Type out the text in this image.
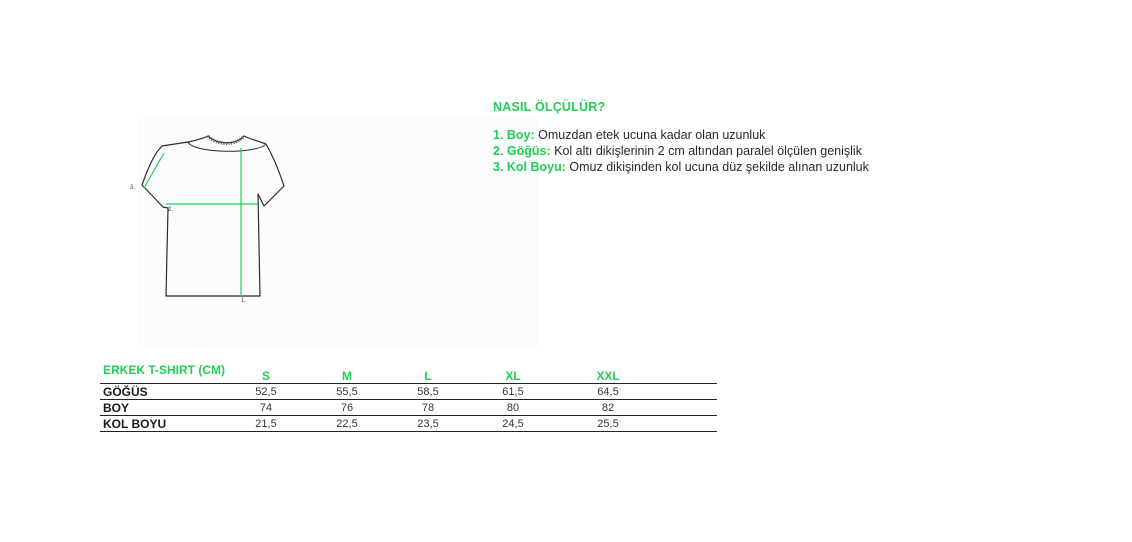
3.
2.
1.
NASIL ÖLÇÜLÜR?
1. Boy: Omuzdan etek ucuna kadar olan uzunluk
2. Göğüs: Kol altı dikişlerinin 2 cm altından paralel ölçülen genişlik
3. Kol Boyu: Omuz dikişinden kol ucuna düz şekilde alınan uzunluk
ERKEK T-SHIRT (CM)	S	M	L	XL	XXL	
GÖĞÜS	52,5	55,5	58,5	61,5	64,5	
BOY	74	76	78	80	82	
KOL BOYU	21,5	22,5	23,5	24,5	25,5	
